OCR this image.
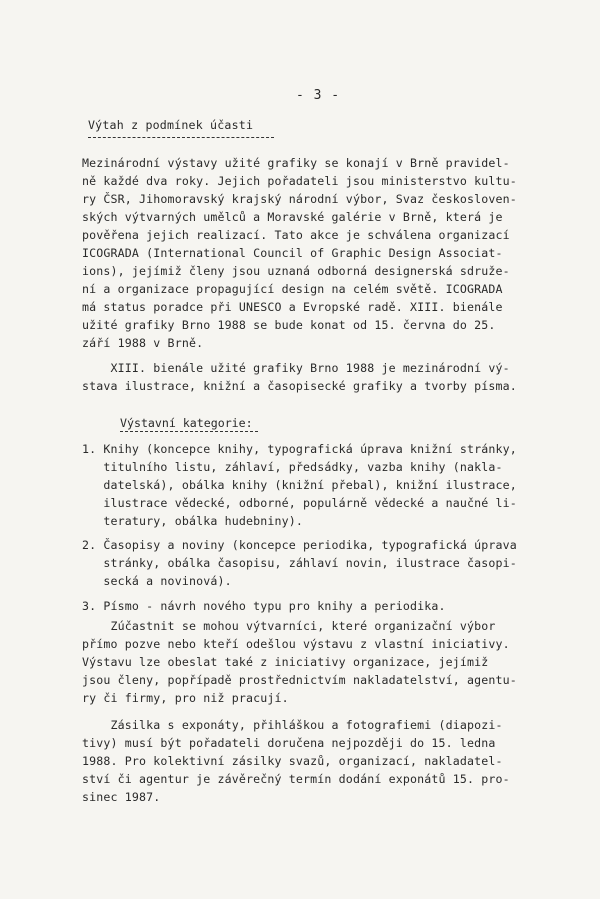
- 3 -
Výtah z podmínek účasti
Mezinárodní výstavy užité grafiky se konají v Brně pravidel-
ně každé dva roky. Jejich pořadateli jsou ministerstvo kultu-
ry ČSR, Jihomoravský krajský národní výbor, Svaz českosloven-
ských výtvarných umělců a Moravské galérie v Brně, která je
pověřena jejich realizací. Tato akce je schválena organizací
ICOGRADA (International Council of Graphic Design Associat-
ions), jejímiž členy jsou uznaná odborná designerská sdruže-
ní a organizace propagující design na celém světě. ICOGRADA
má status poradce při UNESCO a Evropské radě. XIII. bienále
užité grafiky Brno 1988 se bude konat od 15. června do 25.
září 1988 v Brně.
XIII. bienále užité grafiky Brno 1988 je mezinárodní vý-
stava ilustrace, knižní a časopisecké grafiky a tvorby písma.
Výstavní kategorie:
1. Knihy (koncepce knihy, typografická úprava knižní stránky,
titulního listu, záhlaví, předsádky, vazba knihy (nakla-
datelská), obálka knihy (knižní přebal), knižní ilustrace,
ilustrace vědecké, odborné, populárně vědecké a naučné li-
teratury, obálka hudebniny).
2. Časopisy a noviny (koncepce periodika, typografická úprava
stránky, obálka časopisu, záhlaví novin, ilustrace časopi-
secká a novinová).
3. Písmo - návrh nového typu pro knihy a periodika.
Zúčastnit se mohou výtvarníci, které organizační výbor
přímo pozve nebo kteří odešlou výstavu z vlastní iniciativy.
Výstavu lze obeslat také z iniciativy organizace, jejímiž
jsou členy, popřípadě prostřednictvím nakladatelství, agentu-
ry či firmy, pro niž pracují.
Zásilka s exponáty, přihláškou a fotografiemi (diapozi-
tivy) musí být pořadateli doručena nejpozději do 15. ledna
1988. Pro kolektivní zásilky svazů, organizací, nakladatel-
ství či agentur je závěrečný termín dodání exponátů 15. pro-
sinec 1987.
